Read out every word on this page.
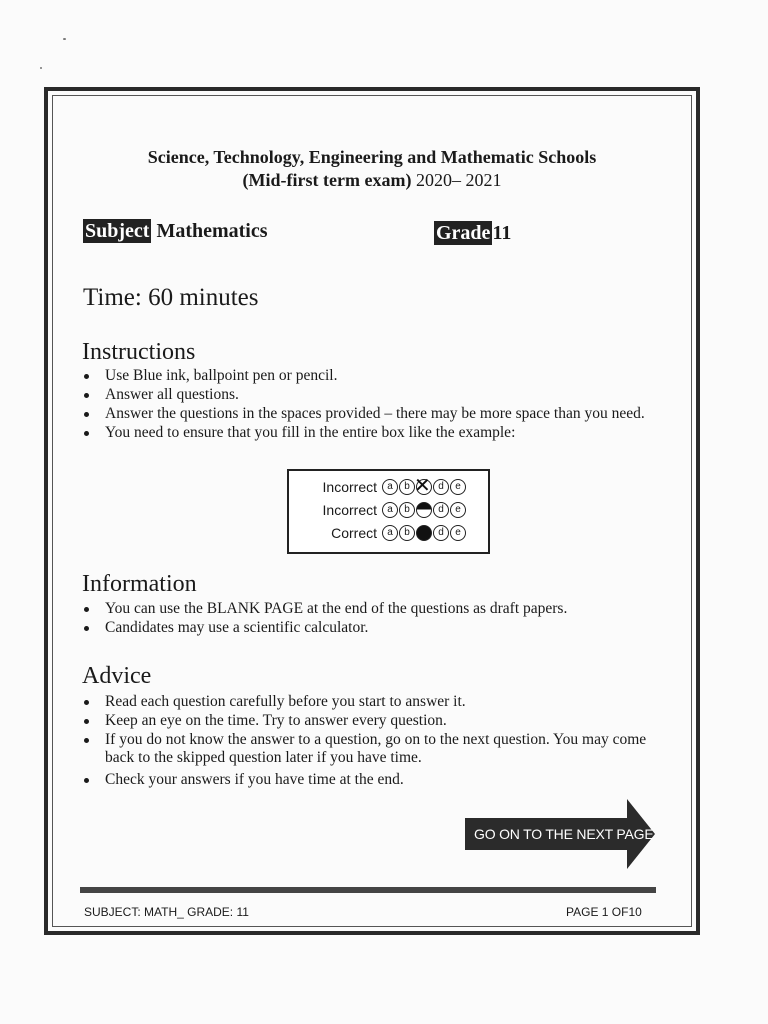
Science, Technology, Engineering and Mathematic Schools
(Mid-first term exam) 2020– 2021
Subject Mathematics	Grade 11
Time: 60 minutes
Instructions
Use Blue ink, ballpoint pen or pencil.
Answer all questions.
Answer the questions in the spaces provided – there may be more space than you need.
You need to ensure that you fill in the entire box like the example:
Incorrect	a	b
✕	d	e
Incorrect	a	b	d	e
Correct	a	b	d	e
Information
You can use the BLANK PAGE at the end of the questions as draft papers.
Candidates may use a scientific calculator.
Advice
Read each question carefully before you start to answer it.
Keep an eye on the time. Try to answer every question.
If you do not know the answer to a question, go on to the next question. You may come back to the skipped question later if you have time.
Check your answers if you have time at the end.
GO ON TO THE NEXT PAGE
SUBJECT: MATH_ GRADE: 11	PAGE 1 OF10
